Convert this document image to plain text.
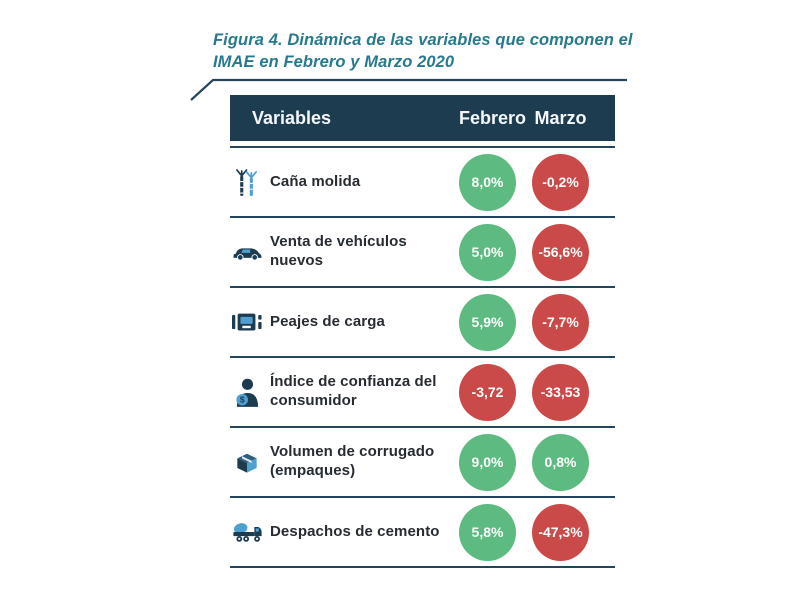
Figura 4. Dinámica de las variables que componen el IMAE en Febrero y Marzo 2020
Variables	Febrero Marzo
Caña molida	8,0%	-0,2%
Venta de vehículos nuevos	5,0% -56,6%
Peajes de carga	5,9%	-7,7%
$
Índice de confianza del consumidor	-3,72	-33,53
Volumen de corrugado (empaques)	9,0%	0,8%
Despachos de cemento	5,8% -47,3%
